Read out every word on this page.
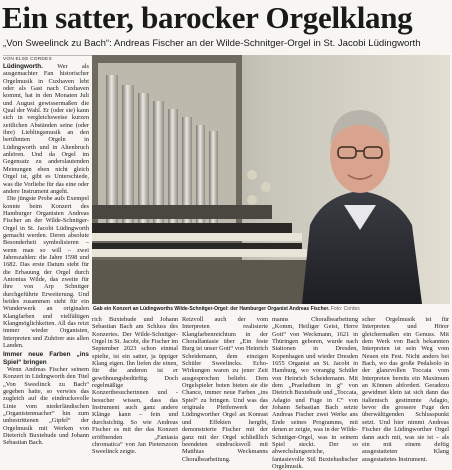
Ein satter, barocker Orgelklang
„Von Sweelinck zu Bach“: Andreas Fischer an der Wilde-Schnitger-Orgel in St. Jacobi Lüdingworth
VON ELSE CORDES

Lüdingworth. Wer als ausgemachter Fan historischer Orgelmusik in Cuxhaven lebt oder als Gast nach Cuxhaven kommt, hat in den Monaten Juli und August gewissermaßen die Qual der Wahl. Er (oder sie) kann sich in vergleichsweise kurzen zeitlichen Abständen seine (oder ihre) Lieblingsmusik an den berühmten Orgeln in Lüdingworth und in Altenbruch anhören. Und da Orgel im Gegensatz zu anderslautenden Meinungen eben nicht gleich Orgel ist, gibt es Unterschiede, was die Vorliebe für das eine oder andere Instrument angeht.

Die jüngste Probe aufs Exempel konnte beim Konzert des Hamburger Organisten Andreas Fischer an der Wilde-Schnitger-Orgel in St. Jacobi Lüdingworth gemacht werden. Deren absolute Besonderheit symbolisieren – wenn man so will – zwei Jahreszahlen: die Jahre 1598 und 1682. Das erste Datum steht für die Erbauung der Orgel durch Antonius Wilde, das zweite für ihre von Arp Schnitger durchgeführte Erweiterung. Und beides zusammen steht für ein Wunderwerk an originalen Klangfarben und vielfältigen Klangmöglichkeiten. All das reizt immer wieder Organisten, Interpreten und Zuhörer aus allen Landen.

Immer neue Farben „ins Spiel“ bringen

Wenn Andreas Fischer seinem Konzert in Lüdingworth den Titel „Von Sweelinck zu Bach“ gegeben hatte, so verwies das zugleich auf die eindrucksvolle Linie vom niederländischen „Organistenmacher“ hin zum unbestrittenen „Gipfel“ der Orgelmusik mit Werken von Dieterich Buxtehude und Johann Sebastian Bach.

Gab ein Konzert an Lüdingworths Wilde-Schnitger-Orgel: der Hamburger Organist Andreas Fischer. Foto: Cordes
rich Buxtehude und Johann Sebastian Bach am Schluss des Konzertes. Der Wilde-Schnitger-Orgel in St. Jacobi, die Fischer im September 2023 schon einmal spielte, ist ein satter, ja üppiger Klang eigen. Ihn liefen die einen, für die anderen ist er gewöhnungsbedürftig. Doch regelmäßige Konzertbesucherinnen und -besucher wissen, dass das Instrument auch ganz andere Klänge kann – fein und durchsichtig. So wie Andreas Fischer es mit der das Konzert eröffnenden „Fantasia chromatica“ von Jan Pieterszoon Sweelinck zeigte.
Reizvoll auch der vom Interpreten realisierte Klangfarbenreichtum in der Choralfantasie über „Ein feste Burg ist unser Gott“ von Heinrich Scheidemann, dem einzigen Schüler Sweelincks. Echo-Wirkungen waren zu jener Zeit ausgesprochen beliebt. Dem Orgelspieler boten bieten sie die Chance, immer neue Farben „ins Spiel“ zu bringen. Und was das originale Pfeifenwerk der Lüdingworther Orgel an Konrast und Effekten hergibt, demonstrierte Fischer mit der ganz mit der Orgel schließlich beendeten eindrucksvoll mit Matthias Weckmanns Choralbearbeitung.
manns Choralbearbeitung „Komm, Heiliger Geist, Herre Gott“ von Weckmann, 1621 in Thüringen geboren, wurde nach Stationen in Dresden, Kopenhagen und wieder Dresden 1655 Organist an St. Jacobi in Hamburg, wo vorangig Schüler von Heinrich Scheidemann. Mit dem „Praeludium in g“ von Dietrich Buxtehude und „Toccata, Adagio und Fuge in C“ von Johann Sebastian Bach setzte Andreas Fischer zwei Werke ans Ende seines Programms, mit denen er zeigte, was in der Wilde-Schnitger-Orgel, was in seinem Spiel steckt. Der so abwechslungsreiche, fantasievolle Stil Buxtehudischer Orgelmusik.
scher Orgelmusik ist für Interpreten und Hörer gleichermaßen ein Genuss. Mit dem Werk von Bach bekannten Interpreten ist sein Weg vom Neuen ein Fest. Nicht anders bei Bach, wo das große Pedalsolo in der glanzvollen Toccata vom Interpreten bereits ein Maximum an Können abfordert. Geradezu gewidmet klein tat sich dann das italienisch gestimmte Adagio, bevor die grossere Fuge den überwältigenden Schlusspunkt setzt. Und hier nimmt Andreas Fischer die Lüdingworther Orgel dann auch mit, was sie ist – als ein mit einem deftig ausgestatteten Klang ausgestattetes Instrument.
